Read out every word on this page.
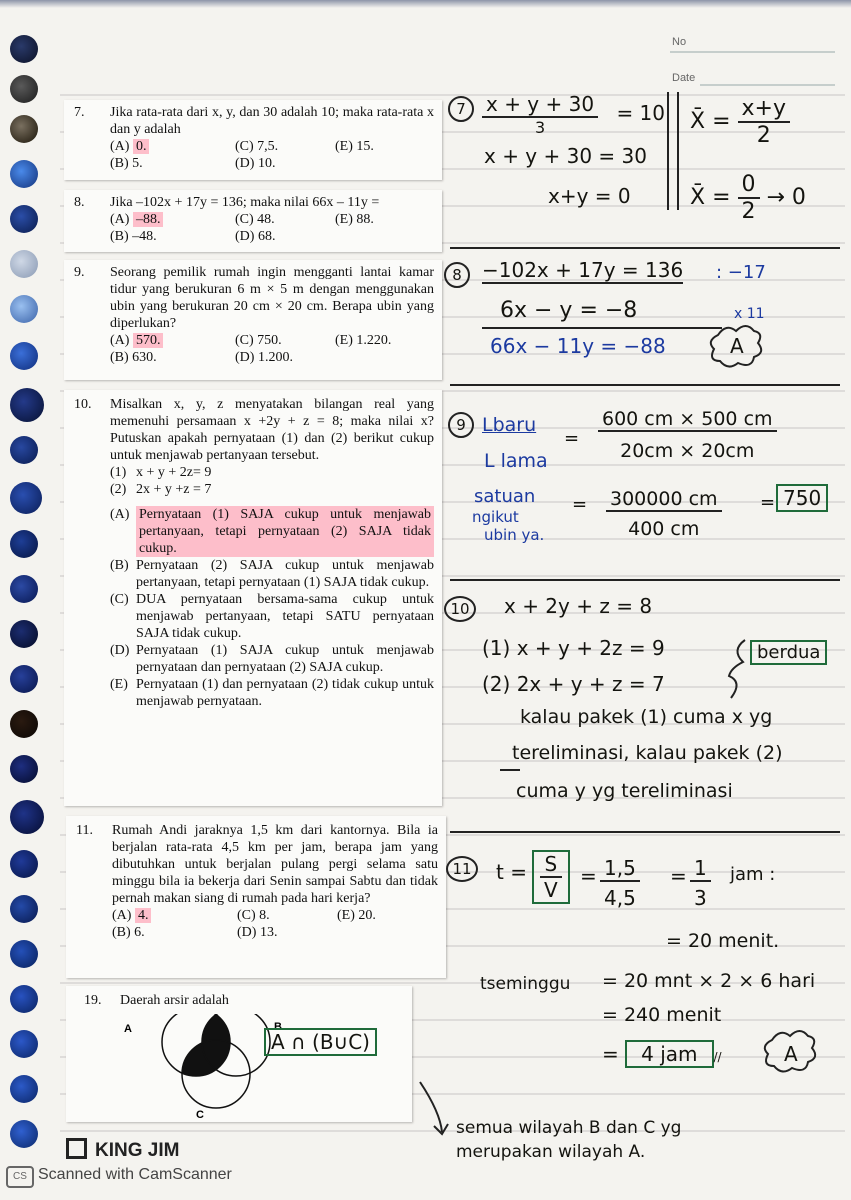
No
Date
7.	Jika rata-rata dari x, y, dan 30 adalah 10; maka rata-rata x dan y adalah
(A) 0.	(C) 7,5.	(E) 15.
(B) 5.	(D) 10.
8.	Jika –102x + 17y = 136; maka nilai 66x – 11y =
(A) –88.	(C) 48.	(E) 88.
(B) –48.	(D) 68.
9.	Seorang pemilik rumah ingin mengganti lantai kamar tidur yang berukuran 6 m × 5 m dengan menggunakan ubin yang berukuran 20 cm × 20 cm. Berapa ubin yang diperlukan?
(A) 570.	(C) 750.	(E) 1.220.
(B) 630.	(D) 1.200.
10.	Misalkan x, y, z menyatakan bilangan real yang memenuhi persamaan x +2y + z = 8; maka nilai x? Putuskan apakah pernyataan (1) dan (2) berikut cukup untuk menjawab pertanyaan tersebut.
(1) x + y + 2z= 9
(2) 2x + y +z = 7
(A) Pernyataan (1) SAJA cukup untuk menjawab pertanyaan, tetapi pernyataan (2) SAJA tidak cukup.
(B) Pernyataan (2) SAJA cukup untuk menjawab pertanyaan, tetapi pernyataan (1) SAJA tidak cukup.
(C) DUA pernyataan bersama-sama cukup untuk menjawab pertanyaan, tetapi SATU pernyataan SAJA tidak cukup.
(D) Pernyataan (1) SAJA cukup untuk menjawab pernyataan dan pernyataan (2) SAJA cukup.
(E) Pernyataan (1) dan pernyataan (2) tidak cukup untuk menjawab pernyataan.
11.	Rumah Andi jaraknya 1,5 km dari kantornya. Bila ia berjalan rata-rata 4,5 km per jam, berapa jam yang dibutuhkan untuk berjalan pulang pergi selama satu minggu bila ia bekerja dari Senin sampai Sabtu dan tidak pernah makan siang di rumah pada hari kerja?
(A) 4.	(C) 8.	(E) 20.
(B) 6.	(D) 13.
19. Daerah arsir adalah
A	B
C
$7 \frac{x + y + 30}{3} = 10$
x + y + 30 = 30
x+y = 0
X̄ = $\frac{x+y}{2}$
X̄ = $\frac{0}{2} \to 0$
8	−102x + 17y = 136 : −17
6x − y = −8	x 11
66x − 11y = −88	A
9 Lbaru
L lama
= $\frac{600 cm \times 500 cm}{20cm \times 20cm}$
satuan
ngikut
ubin ya.
= $\frac{300000 cm}{400 cm} = 750$
10	x + 2y + z = 8
(1) x + y + 2z = 9
(2) 2x + y + z = 7
berdua
kalau pakek (1) cuma x yg
tereliminasi, kalau pakek (2)
cuma y yg tereliminasi
11	$t = \frac{S}{V} = \frac{1,5}{4,5} = \frac{1}{3}$ jam :
= 20 menit.
tseminggu = 20 mnt × 2 × 6 hari
= 240 menit
= 4 jam //	A
A ∩ (B∪C)
semua wilayah B dan C yg
merupakan wilayah A.
KING JIM
CS Scanned with CamScanner
